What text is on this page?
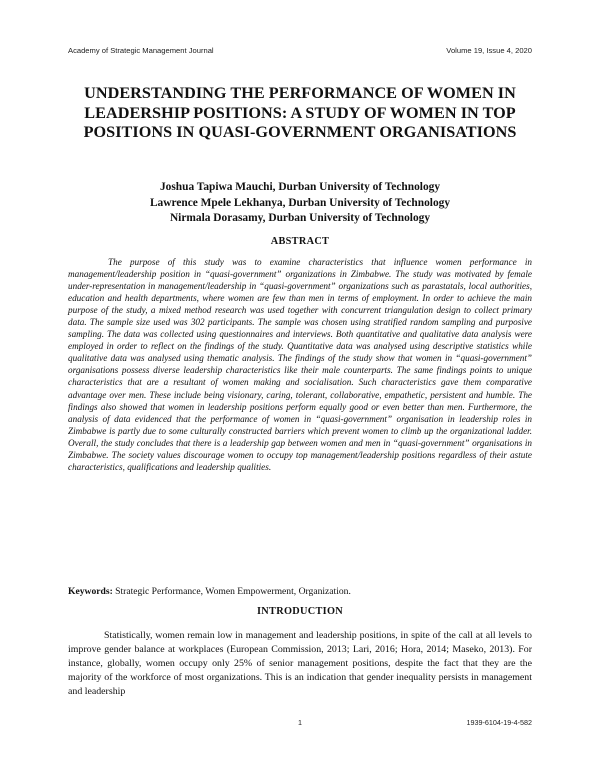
Academy of Strategic Management Journal	Volume 19, Issue 4, 2020
UNDERSTANDING THE PERFORMANCE OF WOMEN IN LEADERSHIP POSITIONS: A STUDY OF WOMEN IN TOP POSITIONS IN QUASI-GOVERNMENT ORGANISATIONS
Joshua Tapiwa Mauchi, Durban University of Technology
Lawrence Mpele Lekhanya, Durban University of Technology
Nirmala Dorasamy, Durban University of Technology
ABSTRACT

The purpose of this study was to examine characteristics that influence women performance in management/leadership position in “quasi-government” organizations in Zimbabwe. The study was motivated by female under-representation in management/leadership in “quasi-government” organizations such as parastatals, local authorities, education and health departments, where women are few than men in terms of employment. In order to achieve the main purpose of the study, a mixed method research was used together with concurrent triangulation design to collect primary data. The sample size used was 302 participants. The sample was chosen using stratified random sampling and purposive sampling. The data was collected using questionnaires and interviews. Both quantitative and qualitative data analysis were employed in order to reflect on the findings of the study. Quantitative data was analysed using descriptive statistics while qualitative data was analysed using thematic analysis. The findings of the study show that women in “quasi-government” organisations possess diverse leadership characteristics like their male counterparts. The same findings points to unique characteristics that are a resultant of women making and socialisation. Such characteristics gave them comparative advantage over men. These include being visionary, caring, tolerant, collaborative, empathetic, persistent and humble. The findings also showed that women in leadership positions perform equally good or even better than men. Furthermore, the analysis of data evidenced that the performance of women in “quasi-government” organisation in leadership roles in Zimbabwe is partly due to some culturally constructed barriers which prevent women to climb up the organizational ladder. Overall, the study concludes that there is a leadership gap between women and men in “quasi-government” organisations in Zimbabwe. The society values discourage women to occupy top management/leadership positions regardless of their astute characteristics, qualifications and leadership qualities.

Keywords: Strategic Performance, Women Empowerment, Organization.
INTRODUCTION

Statistically, women remain low in management and leadership positions, in spite of the call at all levels to improve gender balance at workplaces (European Commission, 2013; Lari, 2016; Hora, 2014; Maseko, 2013). For instance, globally, women occupy only 25% of senior management positions, despite the fact that they are the majority of the workforce of most organizations. This is an indication that gender inequality persists in management and leadership

1	1939-6104-19-4-582
